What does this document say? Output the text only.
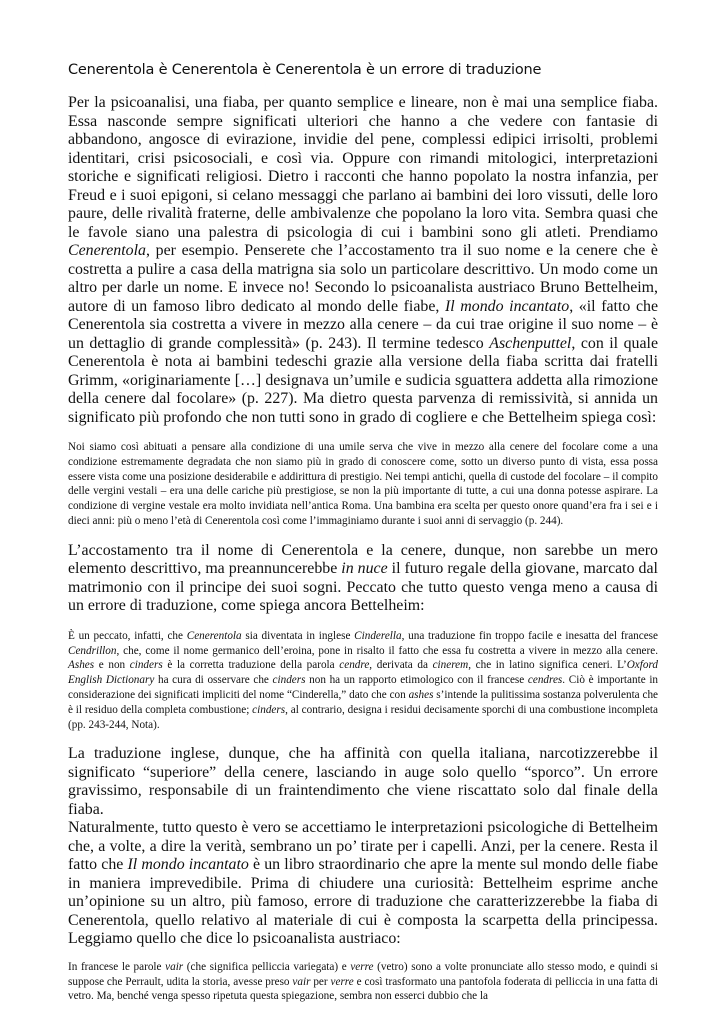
Cenerentola è Cenerentola è Cenerentola è un errore di traduzione

Per la psicoanalisi, una fiaba, per quanto semplice e lineare, non è mai una semplice fiaba. Essa nasconde sempre significati ulteriori che hanno a che vedere con fantasie di abbandono, angosce di evirazione, invidie del pene, complessi edipici irrisolti, problemi identitari, crisi psicosociali, e così via. Oppure con rimandi mitologici, interpretazioni storiche e significati religiosi. Dietro i racconti che hanno popolato la nostra infanzia, per Freud e i suoi epigoni, si celano messaggi che parlano ai bambini dei loro vissuti, delle loro paure, delle rivalità fraterne, delle ambivalenze che popolano la loro vita. Sembra quasi che le favole siano una palestra di psicologia di cui i bambini sono gli atleti. Prendiamo Cenerentola, per esempio. Penserete che l’accostamento tra il suo nome e la cenere che è costretta a pulire a casa della matrigna sia solo un particolare descrittivo. Un modo come un altro per darle un nome. E invece no! Secondo lo psicoanalista austriaco Bruno Bettelheim, autore di un famoso libro dedicato al mondo delle fiabe, Il mondo incantato, «il fatto che Cenerentola sia costretta a vivere in mezzo alla cenere – da cui trae origine il suo nome – è un dettaglio di grande complessità» (p. 243). Il termine tedesco Aschenputtel, con il quale Cenerentola è nota ai bambini tedeschi grazie alla versione della fiaba scritta dai fratelli Grimm, «originariamente […] designava un’umile e sudicia sguattera addetta alla rimozione della cenere dal focolare» (p. 227). Ma dietro questa parvenza di remissività, si annida un significato più profondo che non tutti sono in grado di cogliere e che Bettelheim spiega così:

Noi siamo così abituati a pensare alla condizione di una umile serva che vive in mezzo alla cenere del focolare come a una condizione estremamente degradata che non siamo più in grado di conoscere come, sotto un diverso punto di vista, essa possa essere vista come una posizione desiderabile e addirittura di prestigio. Nei tempi antichi, quella di custode del focolare – il compito delle vergini vestali – era una delle cariche più prestigiose, se non la più importante di tutte, a cui una donna potesse aspirare. La condizione di vergine vestale era molto invidiata nell’antica Roma. Una bambina era scelta per questo onore quand’era fra i sei e i dieci anni: più o meno l’età di Cenerentola così come l’immaginiamo durante i suoi anni di servaggio (p. 244).

L’accostamento tra il nome di Cenerentola e la cenere, dunque, non sarebbe un mero elemento descrittivo, ma preannuncerebbe in nuce il futuro regale della giovane, marcato dal matrimonio con il principe dei suoi sogni. Peccato che tutto questo venga meno a causa di un errore di traduzione, come spiega ancora Bettelheim:

È un peccato, infatti, che Cenerentola sia diventata in inglese Cinderella, una traduzione fin troppo facile e inesatta del francese Cendrillon, che, come il nome germanico dell’eroina, pone in risalto il fatto che essa fu costretta a vivere in mezzo alla cenere. Ashes e non cinders è la corretta traduzione della parola cendre, derivata da cinerem, che in latino significa ceneri. L’Oxford English Dictionary ha cura di osservare che cinders non ha un rapporto etimologico con il francese cendres. Ciò è importante in considerazione dei significati impliciti del nome “Cinderella,” dato che con ashes s’intende la pulitissima sostanza polverulenta che è il residuo della completa combustione; cinders, al contrario, designa i residui decisamente sporchi di una combustione incompleta (pp. 243-244, Nota).

La traduzione inglese, dunque, che ha affinità con quella italiana, narcotizzerebbe il significato “superiore” della cenere, lasciando in auge solo quello “sporco”. Un errore gravissimo, responsabile di un fraintendimento che viene riscattato solo dal finale della fiaba.

Naturalmente, tutto questo è vero se accettiamo le interpretazioni psicologiche di Bettelheim che, a volte, a dire la verità, sembrano un po’ tirate per i capelli. Anzi, per la cenere. Resta il fatto che Il mondo incantato è un libro straordinario che apre la mente sul mondo delle fiabe in maniera imprevedibile. Prima di chiudere una curiosità: Bettelheim esprime anche un’opinione su un altro, più famoso, errore di traduzione che caratterizzerebbe la fiaba di Cenerentola, quello relativo al materiale di cui è composta la scarpetta della principessa. Leggiamo quello che dice lo psicoanalista austriaco:

In francese le parole vair (che significa pelliccia variegata) e verre (vetro) sono a volte pronunciate allo stesso modo, e quindi si suppose che Perrault, udita la storia, avesse preso vair per verre e così trasformato una pantofola foderata di pelliccia in una fatta di vetro. Ma, benché venga spesso ripetuta questa spiegazione, sembra non esserci dubbio che la
